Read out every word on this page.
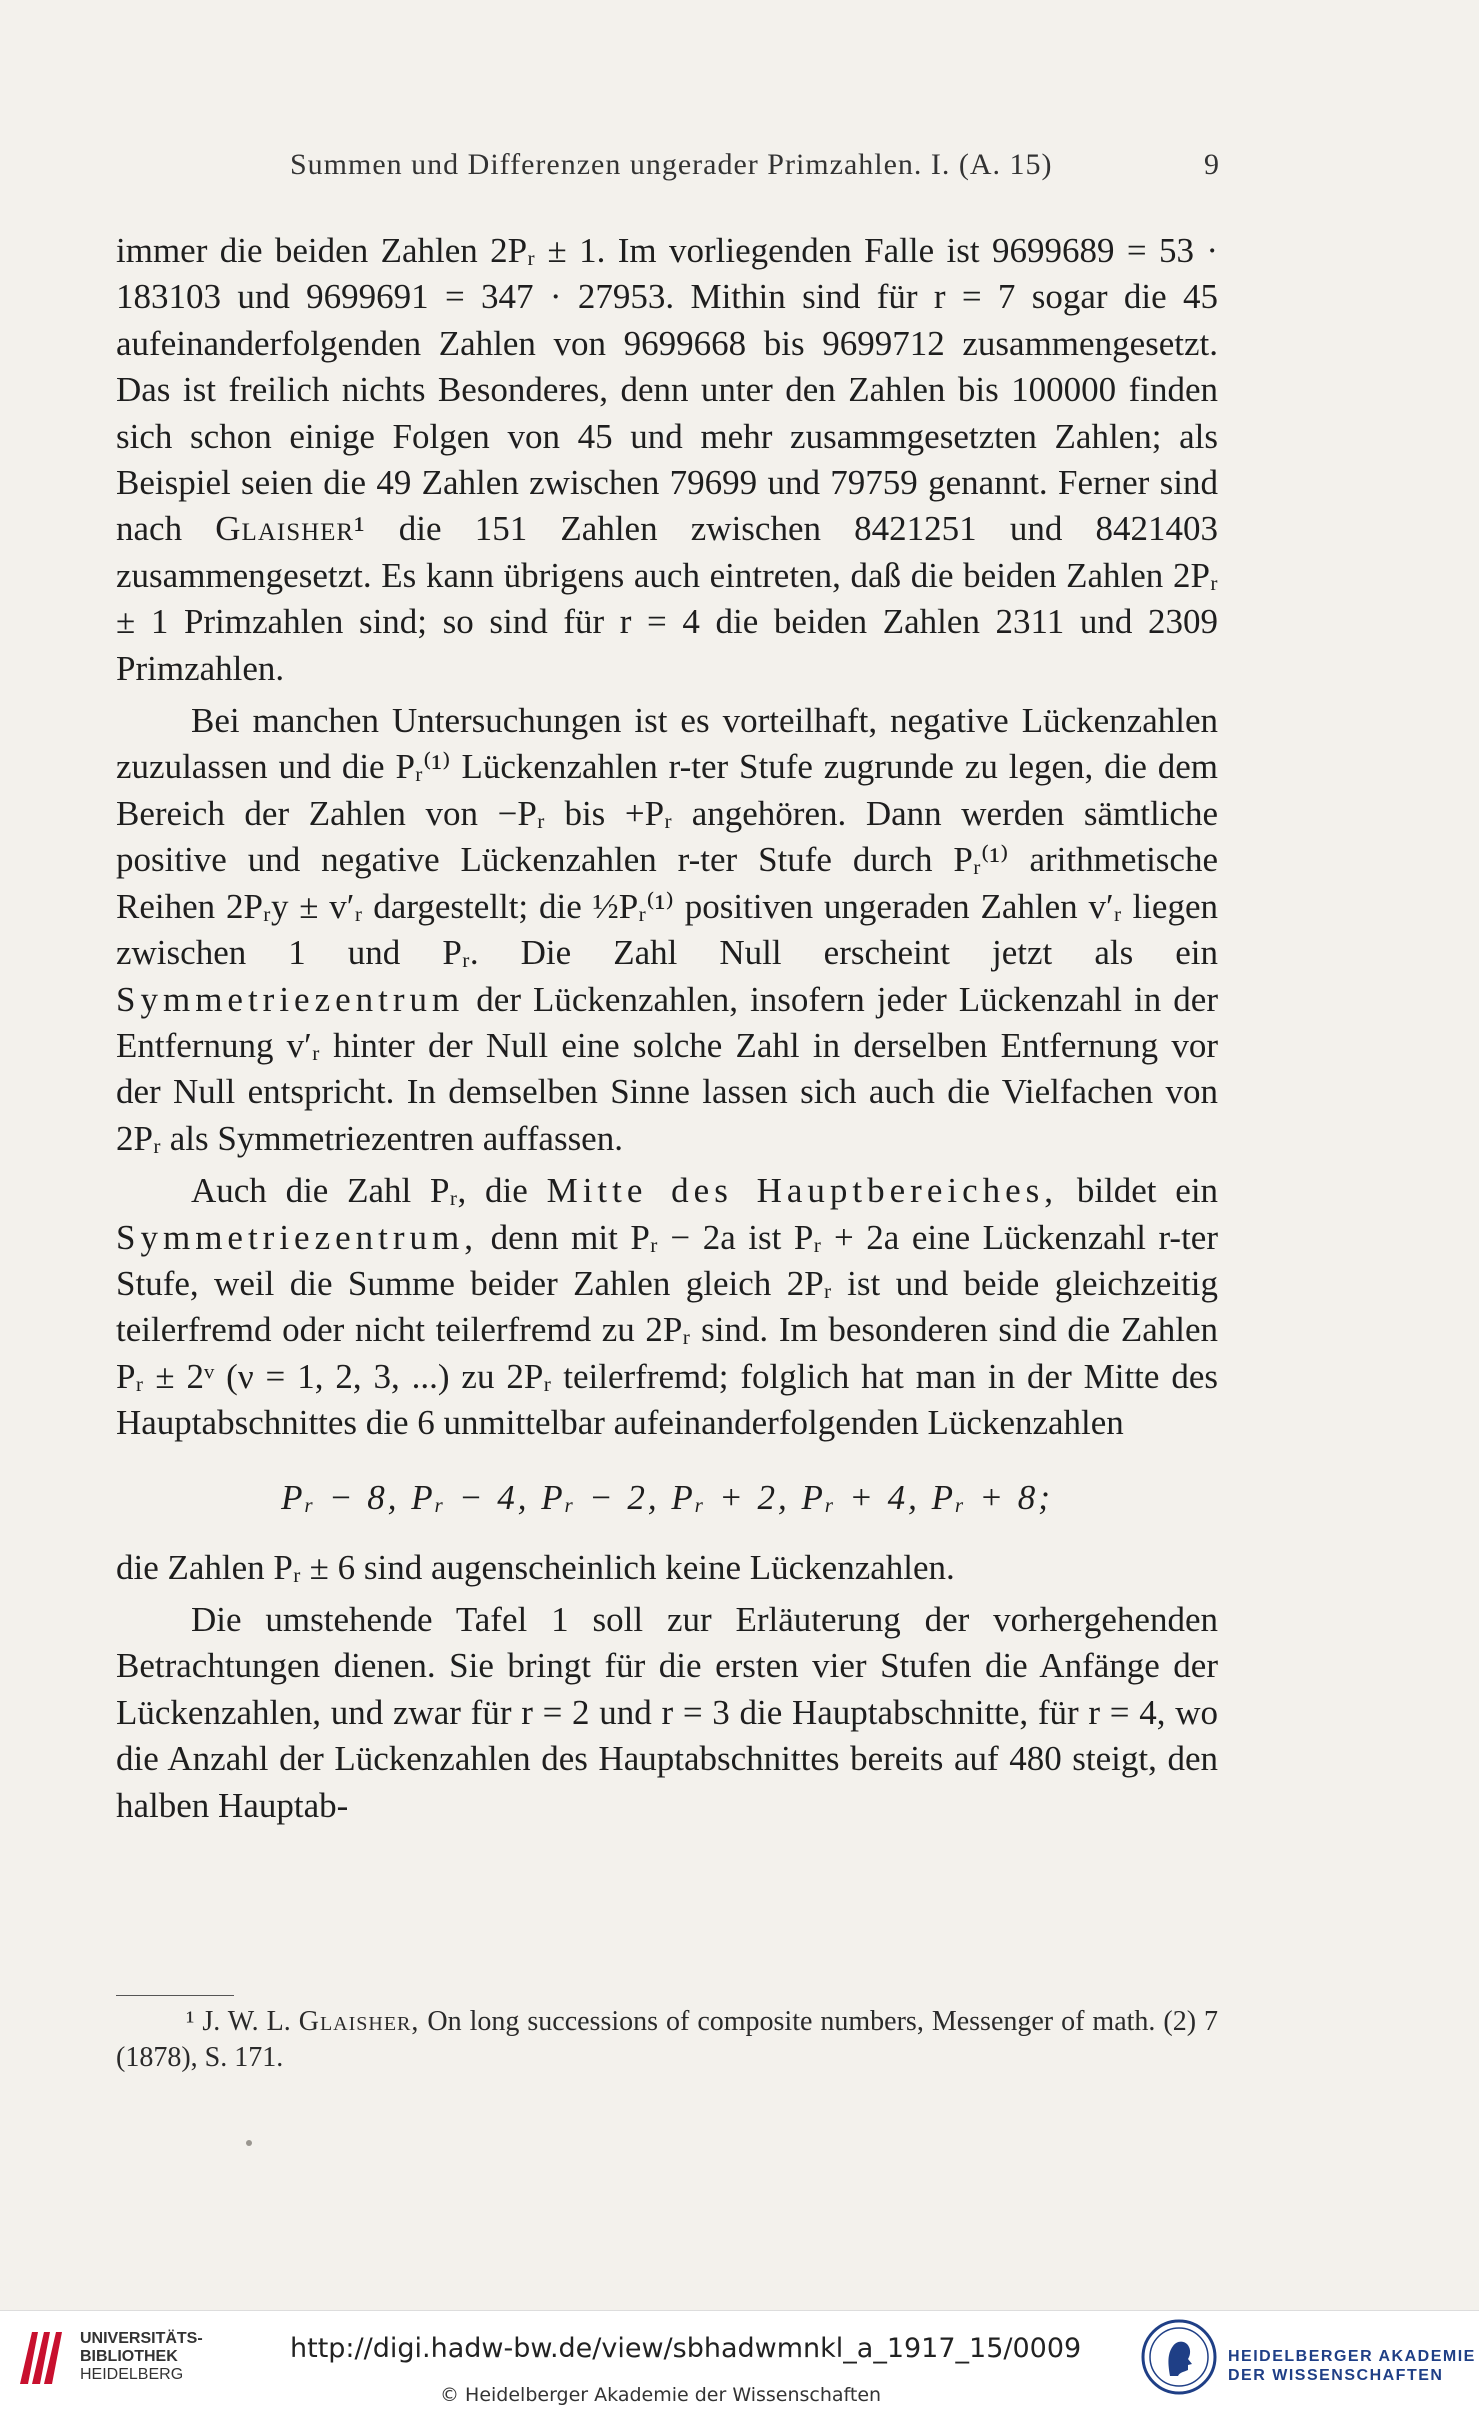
Summen und Differenzen ungerader Primzahlen. I. (A. 15)	9

immer die beiden Zahlen 2Pᵣ ± 1. Im vorliegenden Falle ist 9699689 = 53 · 183103 und 9699691 = 347 · 27953. Mithin sind für r = 7 sogar die 45 aufeinanderfolgenden Zahlen von 9699668 bis 9699712 zusammengesetzt. Das ist freilich nichts Besonderes, denn unter den Zahlen bis 100000 finden sich schon einige Folgen von 45 und mehr zusammgesetzten Zahlen; als Beispiel seien die 49 Zahlen zwischen 79699 und 79759 genannt. Ferner sind nach Glaisher¹ die 151 Zahlen zwischen 8421251 und 8421403 zusammengesetzt. Es kann übrigens auch eintreten, daß die beiden Zahlen 2Pᵣ ± 1 Primzahlen sind; so sind für r = 4 die beiden Zahlen 2311 und 2309 Primzahlen.

Bei manchen Untersuchungen ist es vorteilhaft, negative Lückenzahlen zuzulassen und die Pᵣ⁽¹⁾ Lückenzahlen r-ter Stufe zugrunde zu legen, die dem Bereich der Zahlen von −Pᵣ bis +Pᵣ angehören. Dann werden sämtliche positive und negative Lückenzahlen r-ter Stufe durch Pᵣ⁽¹⁾ arithmetische Reihen 2Pᵣy ± v′ᵣ dargestellt; die ½Pᵣ⁽¹⁾ positiven ungeraden Zahlen v′ᵣ liegen zwischen 1 und Pᵣ. Die Zahl Null erscheint jetzt als ein Symmetriezentrum der Lückenzahlen, insofern jeder Lückenzahl in der Entfernung v′ᵣ hinter der Null eine solche Zahl in derselben Entfernung vor der Null entspricht. In demselben Sinne lassen sich auch die Vielfachen von 2Pᵣ als Symmetriezentren auffassen.

Auch die Zahl Pᵣ, die Mitte des Hauptbereiches, bildet ein Symmetriezentrum, denn mit Pᵣ − 2a ist Pᵣ + 2a eine Lückenzahl r-ter Stufe, weil die Summe beider Zahlen gleich 2Pᵣ ist und beide gleichzeitig teilerfremd oder nicht teilerfremd zu 2Pᵣ sind. Im besonderen sind die Zahlen Pᵣ ± 2ᵛ (ν = 1, 2, 3, ...) zu 2Pᵣ teilerfremd; folglich hat man in der Mitte des Hauptabschnittes die 6 unmittelbar aufeinanderfolgenden Lückenzahlen

Pᵣ − 8, Pᵣ − 4, Pᵣ − 2, Pᵣ + 2, Pᵣ + 4, Pᵣ + 8;

die Zahlen Pᵣ ± 6 sind augenscheinlich keine Lückenzahlen.

Die umstehende Tafel 1 soll zur Erläuterung der vorhergehenden Betrachtungen dienen. Sie bringt für die ersten vier Stufen die Anfänge der Lückenzahlen, und zwar für r = 2 und r = 3 die Hauptabschnitte, für r = 4, wo die Anzahl der Lückenzahlen des Hauptabschnittes bereits auf 480 steigt, den halben Hauptab-

¹ J. W. L. Glaisher, On long successions of composite numbers, Messenger of math. (2) 7 (1878), S. 171.
UNIVERSITÄTS-
BIBLIOTHEK
HEIDELBERG
http://digi.hadw-bw.de/view/sbhadwmnkl_a_1917_15/0009
© Heidelberger Akademie der Wissenschaften
HEIDELBERGER AKADEMIE
DER WISSENSCHAFTEN
